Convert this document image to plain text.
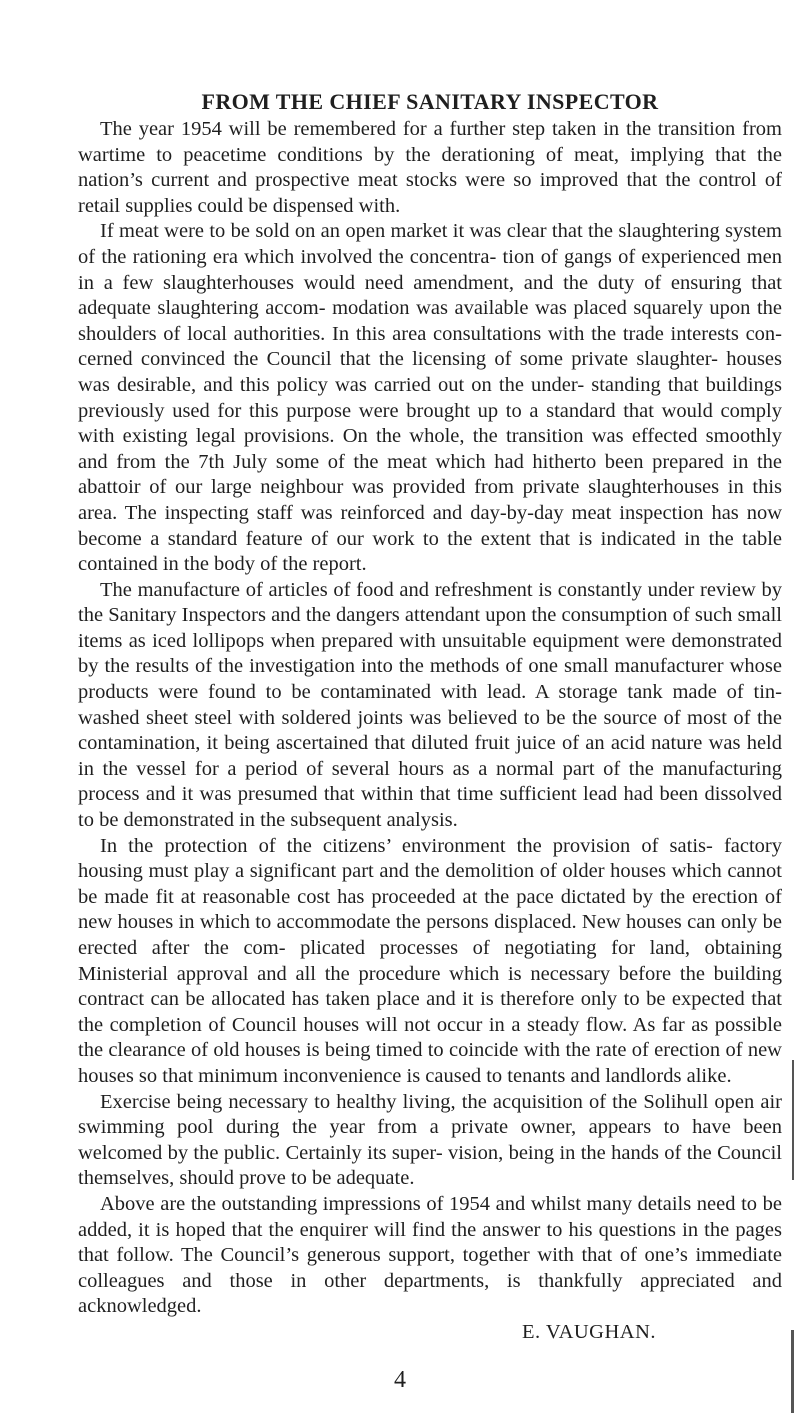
FROM THE CHIEF SANITARY INSPECTOR

The year 1954 will be remembered for a further step taken in the transition from wartime to peacetime conditions by the derationing of meat, implying that the nation’s current and prospective meat stocks were so improved that the control of retail supplies could be dispensed with.

If meat were to be sold on an open market it was clear that the slaughtering system of the rationing era which involved the concentra- tion of gangs of experienced men in a few slaughterhouses would need amendment, and the duty of ensuring that adequate slaughtering accom- modation was available was placed squarely upon the shoulders of local authorities. In this area consultations with the trade interests con- cerned convinced the Council that the licensing of some private slaughter- houses was desirable, and this policy was carried out on the under- standing that buildings previously used for this purpose were brought up to a standard that would comply with existing legal provisions. On the whole, the transition was effected smoothly and from the 7th July some of the meat which had hitherto been prepared in the abattoir of our large neighbour was provided from private slaughterhouses in this area. The inspecting staff was reinforced and day-by-day meat inspection has now become a standard feature of our work to the extent that is indicated in the table contained in the body of the report.

The manufacture of articles of food and refreshment is constantly under review by the Sanitary Inspectors and the dangers attendant upon the consumption of such small items as iced lollipops when prepared with unsuitable equipment were demonstrated by the results of the investigation into the methods of one small manufacturer whose products were found to be contaminated with lead. A storage tank made of tin- washed sheet steel with soldered joints was believed to be the source of most of the contamination, it being ascertained that diluted fruit juice of an acid nature was held in the vessel for a period of several hours as a normal part of the manufacturing process and it was presumed that within that time sufficient lead had been dissolved to be demonstrated in the subsequent analysis.

In the protection of the citizens’ environment the provision of satis- factory housing must play a significant part and the demolition of older houses which cannot be made fit at reasonable cost has proceeded at the pace dictated by the erection of new houses in which to accommodate the persons displaced. New houses can only be erected after the com- plicated processes of negotiating for land, obtaining Ministerial approval and all the procedure which is necessary before the building contract can be allocated has taken place and it is therefore only to be expected that the completion of Council houses will not occur in a steady flow. As far as possible the clearance of old houses is being timed to coincide with the rate of erection of new houses so that minimum inconvenience is caused to tenants and landlords alike.

Exercise being necessary to healthy living, the acquisition of the Solihull open air swimming pool during the year from a private owner, appears to have been welcomed by the public. Certainly its super- vision, being in the hands of the Council themselves, should prove to be adequate.

Above are the outstanding impressions of 1954 and whilst many details need to be added, it is hoped that the enquirer will find the answer to his questions in the pages that follow. The Council’s generous support, together with that of one’s immediate colleagues and those in other departments, is thankfully appreciated and acknowledged.

E. VAUGHAN.

4
